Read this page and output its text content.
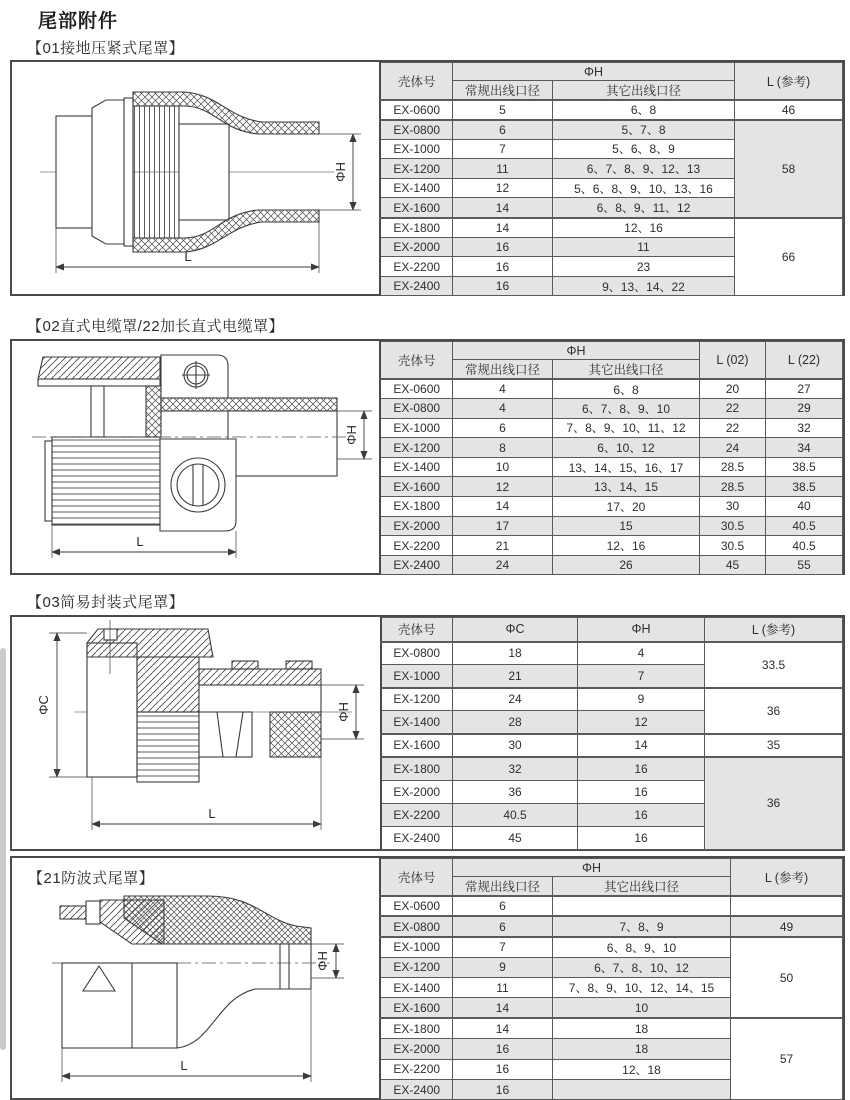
尾部附件
【01接地压紧式尾罩】
ΦH
L
壳体号	ΦH		L (参考)
	常规出线口径	其它出线口径	
EX-0600	5	6、8	46
EX-0800	6	5、7、8	58
EX-1000	7	5、6、8、9	
EX-1200	11	6、7、8、9、12、13	
EX-1400	12	5、6、8、9、10、13、16	
EX-1600	14	6、8、9、11、12	
EX-1800	14	12、16	66
EX-2000	16	11	
EX-2200	16	23	
EX-2400	16	9、13、14、22	
【02直式电缆罩/22加长直式电缆罩】
ΦH
L
壳体号	ΦH		L (02)	L (22)
	常规出线口径	其它出线口径		
EX-0600	4	6、8	20	27
EX-0800	4	6、7、8、9、10	22	29
EX-1000	6	7、8、9、10、11、12	22	32
EX-1200	8	6、10、12	24	34
EX-1400	10	13、14、15、16、17	28.5	38.5
EX-1600	12	13、14、15	28.5	38.5
EX-1800	14	17、20	30	40
EX-2000	17	15	30.5	40.5
EX-2200	21	12、16	30.5	40.5
EX-2400	24	26	45	55
【03简易封装式尾罩】
ΦC	ΦH
L
壳体号	ΦC	ΦH	L (参考)
EX-0800	18	4	33.5
EX-1000	21	7	
EX-1200	24	9	36
EX-1400	28	12	
EX-1600	30	14	35
EX-1800	32	16	36
EX-2000	36	16	
EX-2200	40.5	16	
EX-2400	45	16	
【21防波式尾罩】
ΦH
L
壳体号	ΦH		L (参考)
	常规出线口径	其它出线口径	
EX-0600	6		
EX-0800	6	7、8、9	49
EX-1000	7	6、8、9、10	50
EX-1200	9	6、7、8、10、12	
EX-1400	11	7、8、9、10、12、14、15	
EX-1600	14	10	
EX-1800	14	18	57
EX-2000	16	18	
EX-2200	16	12、18	
EX-2400	16		
